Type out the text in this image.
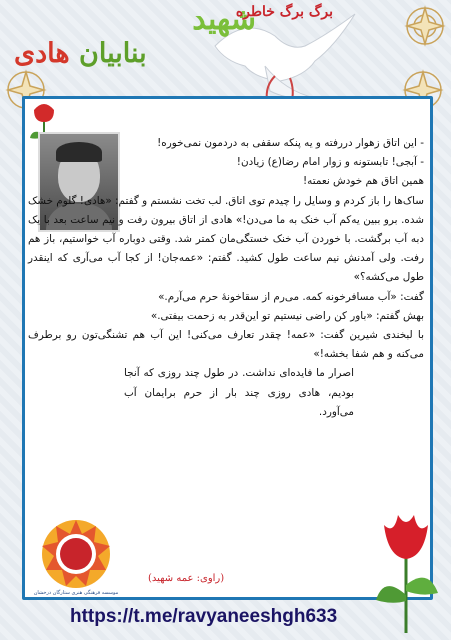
شهید
بنابیان هادی
برگ برگ خاطره

- این اتاق زهوار دررفته و یه پنکه سقفی به دردمون نمی‌خوره!

- آبجی! تابستونه و زوار امام رضا(ع) زیادن!

همین اتاق هم خودش نعمته!

ساک‌ها را باز کردم و وسایل را چیدم توی اتاق. لب تخت نشستم و گفتم: «هادی! گلوم خشک شده. برو ببین یه‌کم آب خنک به ما می‌دن!» هادی از اتاق بیرون رفت و نیم ساعت بعد با یک دبه آب برگشت. با خوردن آب خنک خستگی‌مان کمتر شد. وقتی دوباره آب خواستیم، باز هم رفت. ولی آمدنش نیم ساعت طول کشید. گفتم: «عمه‌جان! از کجا آب می‌آری که اینقدر طول می‌کشه؟»

گفت: «آب مسافرخونه کمه. می‌رم از سقاخونهٔ حرم می‌آرم.»

بهش گفتم: «باور کن راضی نیستیم تو این‌قدر به زحمت بیفتی.»

با لبخندی شیرین گفت: «عمه! چقدر تعارف می‌کنی! این آب هم تشنگی‌تون رو برطرف می‌کنه و هم شفا بخشه!»

اصرار ما فایده‌ای نداشت. در طول چند روزی که آنجا بودیم، هادی روزی چند بار از حرم برایمان آب می‌آورد.

(راوی: عمه شهید)
موسسه فرهنگی هنری ستارگان درخشان
https://t.me/ravyaneeshgh633
